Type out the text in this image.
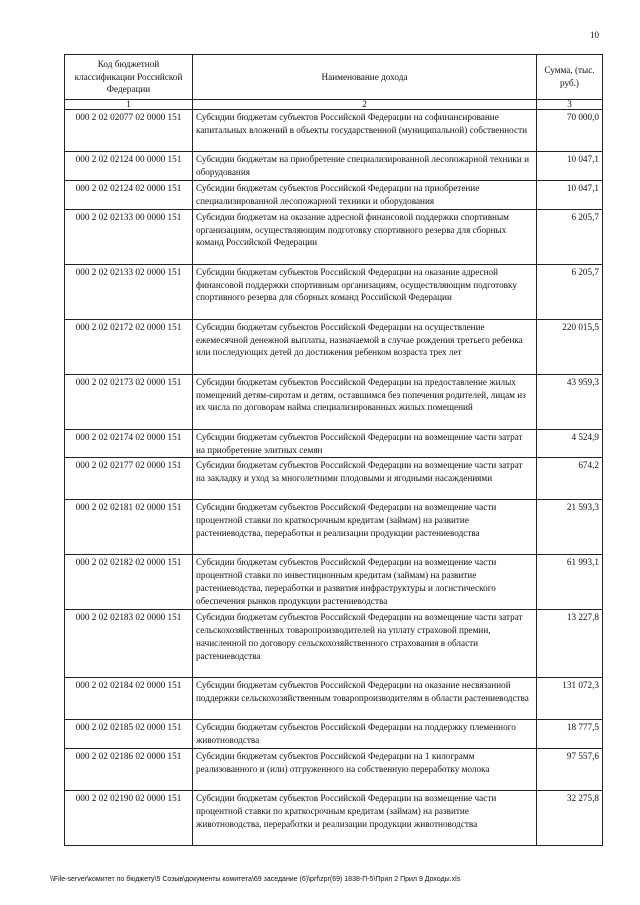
10
Код бюджетной классификации Российской Федерации	Наименование дохода	Сумма, (тыс. руб.)
1	2	3
000 2 02 02077 02 0000 151	Субсидии бюджетам субъектов Российской Федерации на софинансирование капитальных вложений в объекты государственной (муниципальной) собственности	70 000,0
000 2 02 02124 00 0000 151	Субсидии бюджетам на приобретение специализированной лесопожарной техники и оборудования	10 047,1
000 2 02 02124 02 0000 151	Субсидии бюджетам субъектов Российской Федерации на приобретение специализированной лесопожарной техники и оборудования	10 047,1
000 2 02 02133 00 0000 151	Субсидии бюджетам на оказание адресной финансовой поддержки спортивным организациям, осуществляющим подготовку спортивного резерва для сборных команд Российской Федерации	6 205,7
000 2 02 02133 02 0000 151	Субсидии бюджетам субъектов Российской Федерации на оказание адресной финансовой поддержки спортивным организациям, осуществляющим подготовку спортивного резерва для сборных команд Российской Федерации	6 205,7
000 2 02 02172 02 0000 151	Субсидии бюджетам субъектов Российской Федерации на осуществление ежемесячной денежной выплаты, назначаемой в случае рождения третьего ребенка или последующих детей до достижения ребенком возраста трех лет	220 015,5
000 2 02 02173 02 0000 151	Субсидии бюджетам субъектов Российской Федерации на предоставление жилых помещений детям-сиротам и детям, оставшимся без попечения родителей, лицам из их числа по договорам найма специализированных жилых помещений	43 959,3
000 2 02 02174 02 0000 151	Субсидии бюджетам субъектов Российской Федерации на возмещение части затрат на приобретение элитных семян	4 524,9
000 2 02 02177 02 0000 151	Субсидии бюджетам субъектов Российской Федерации на возмещение части затрат на закладку и уход за многолетними плодовыми и ягодными насаждениями	674,2
000 2 02 02181 02 0000 151	Субсидии бюджетам субъектов Российской Федерации на возмещение части процентной ставки по краткосрочным кредитам (займам) на развитие растениеводства, переработки и реализации продукции растениеводства	21 593,3
000 2 02 02182 02 0000 151	Субсидии бюджетам субъектов Российской Федерации на возмещение части процентной ставки по инвестиционным кредитам (займам) на развитие растениеводства, переработки и развития инфраструктуры и логистического обеспечения рынков продукции растениеводства	61 993,1
000 2 02 02183 02 0000 151	Субсидии бюджетам субъектов Российской Федерации на возмещение части затрат сельскохозяйственных товаропроизводителей на уплату страховой премии, начисленной по договору сельскохозяйственного страхования в области растениеводства	13 227,8
000 2 02 02184 02 0000 151	Субсидии бюджетам субъектов Российской Федерации на оказание несвязанной поддержки сельскохозяйственным товаропроизводителям в области растениеводства	131 072,3
000 2 02 02185 02 0000 151	Субсидии бюджетам субъектов Российской Федерации на поддержку племенного животноводства	18 777,5
000 2 02 02186 02 0000 151	Субсидии бюджетам субъектов Российской Федерации на 1 килограмм реализованного и (или) отгруженного на собственную переработку молока	97 557,6
000 2 02 02190 02 0000 151	Субсидии бюджетам субъектов Российской Федерации на возмещение части процентной ставки по краткосрочным кредитам (займам) на развитие животноводства, переработки и реализации продукции животноводства	32 275,8
\\File-server\комитет по бюджету\5 Созыв\документы комитета\69 заседание (6)\prf\zpr(69) 1838-П-5\Прил 2 Прил 9 Доходы.xls
